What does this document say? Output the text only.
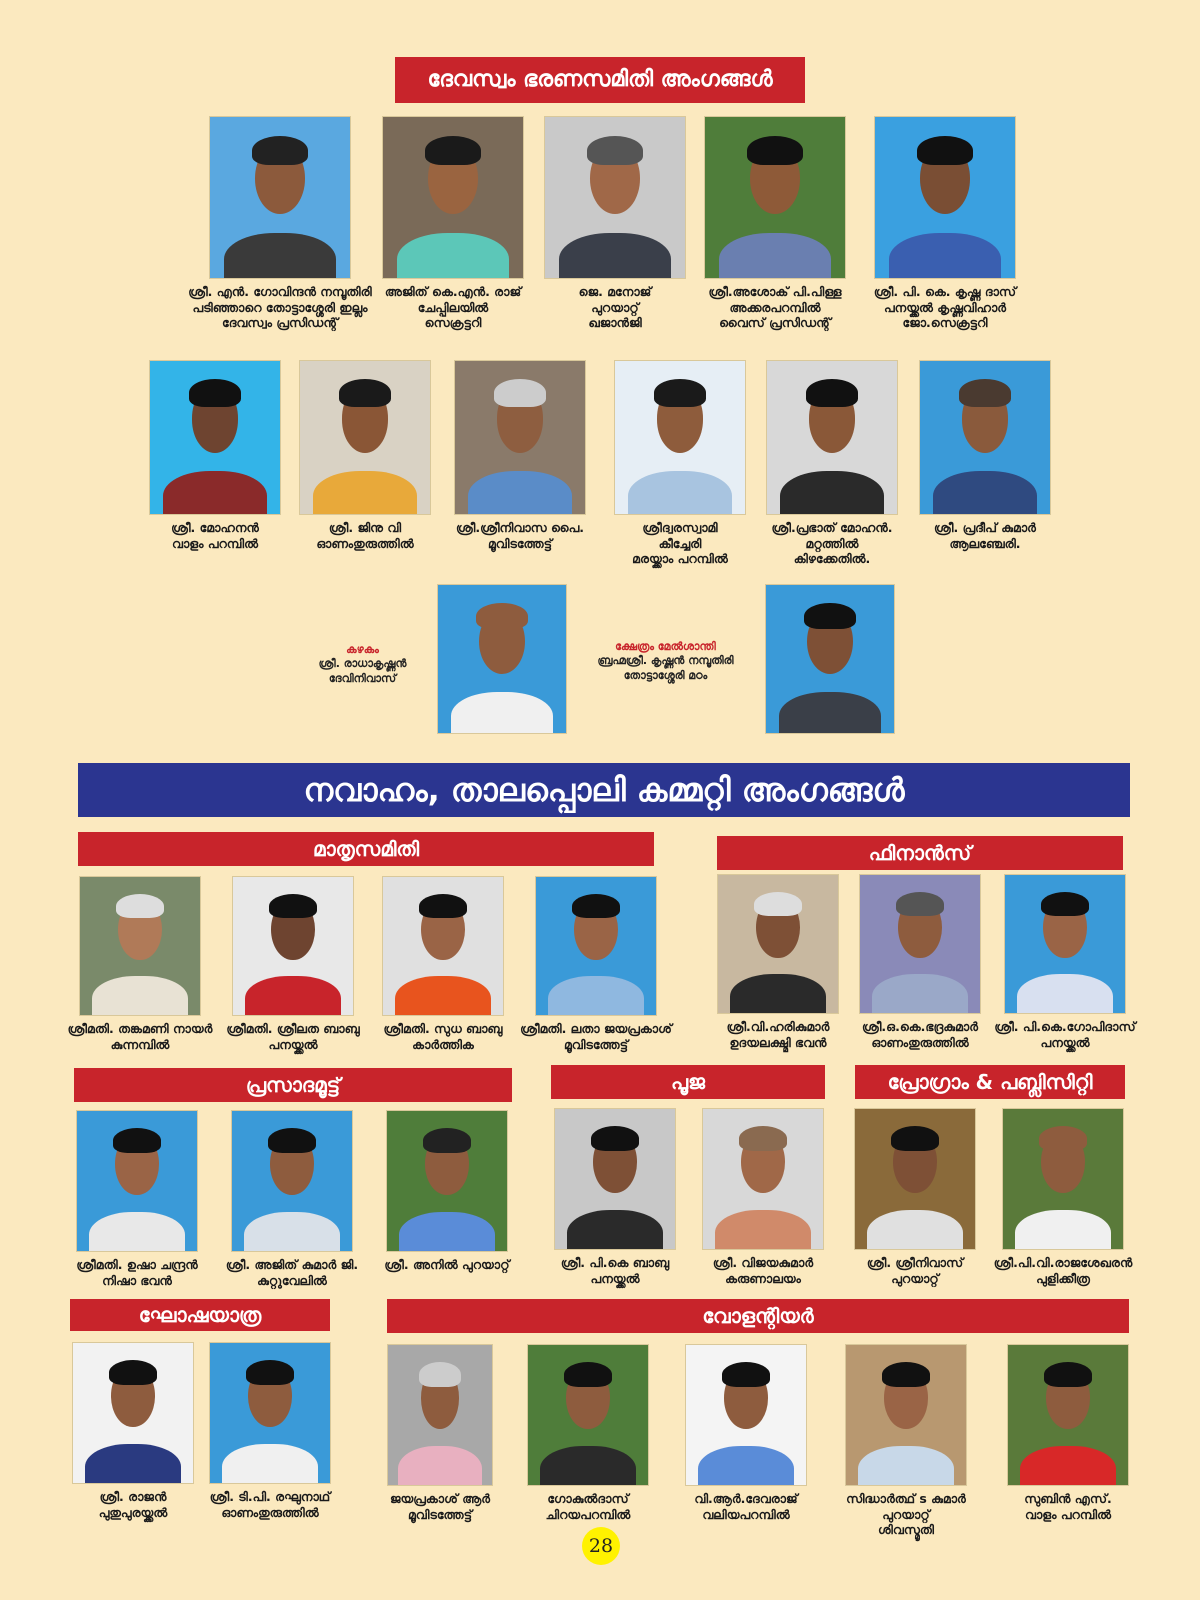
ദേവസ്വം ഭരണസമിതി അംഗങ്ങൾ
ശ്രീ. എൻ. ഗോവിന്ദൻ നമ്പൂതിരി
പടിഞ്ഞാറെ തോട്ടാശ്ശേരി ഇല്ലം
ദേവസ്വം പ്രസിഡന്റ്
അജിത് കെ.എൻ. രാജ്
ചേപ്പിലയിൽ
സെക്രട്ടറി
ജെ. മനോജ്
പുറയാറ്റ്
ഖജാൻജി
ശ്രീ.അശോക് പി.പിള്ള
അക്കരപറമ്പിൽ
വൈസ് പ്രസിഡന്റ്
ശ്രീ. പി. കെ. കൃഷ്ണ ദാസ്
പനയ്ക്കൽ കൃഷ്ണവിഹാർ
ജോ.സെക്രട്ടറി
ശ്രീ. മോഹനൻ
വാളം പറമ്പിൽ
ശ്രീ. ജിനു വി
ഓണംതുരുത്തിൽ
ശ്രീ.ശ്രീനിവാസ പൈ.
മൂവിടത്തേട്ട്
ശ്രീദ്വരസ്വാമി
കീച്ചേരി
മരയ്ക്കാം പറമ്പിൽ
ശ്രീ.പ്രഭാത് മോഹൻ.
മറ്റത്തിൽ
കിഴക്കേതിൽ.
ശ്രീ. പ്രദീപ് കുമാർ
ആലഞ്ചേരി.
കഴകം
ശ്രീ. രാധാകൃഷ്ണൻ
ദേവിനിവാസ്
ക്ഷേത്രം മേൽശാന്തി
ബ്രഹ്മശ്രീ. കൃഷ്ണൻ നമ്പൂതിരി
തോട്ടാശ്ശേരി മഠം
നവാഹം, താലപ്പൊലി കമ്മറ്റി അംഗങ്ങൾ
മാതൃസമിതി
ശ്രീമതി. തങ്കമണി നായർ
കുന്നമ്പിൽ
ശ്രീമതി. ശ്രീലത ബാബു
പനയ്ക്കൽ
ശ്രീമതി. സുധ ബാബു
കാർത്തിക
ശ്രീമതി. ലതാ ജയപ്രകാശ്
മൂവിടത്തേട്ട്
ഫിനാൻസ്
ശ്രീ.വി.ഹരികുമാർ
ഉദയലക്ഷ്മി ഭവൻ
ശ്രീ.ഒ.കെ.ഭദ്രകുമാർ
ഓണംതുരുത്തിൽ
ശ്രീ. പി.കെ.ഗോപിദാസ്
പനയ്ക്കൽ
പ്രസാദമൂട്ട്
ശ്രീമതി. ഉഷാ ചന്ദ്രൻ
നിഷാ ഭവൻ
ശ്രീ. അജിത് കുമാർ ജി.
കുറ്റുവേലിൽ
ശ്രീ. അനിൽ പുറയാറ്റ്
പൂജ
ശ്രീ. പി.കെ ബാബു
പനയ്ക്കൽ
ശ്രീ. വിജയകുമാർ
കരുണാലയം
പ്രോഗ്രാം & പബ്ലിസിറ്റി
ശ്രീ. ശ്രീനിവാസ്
പുറയാറ്റ്
ശ്രീ.പി.വി.രാജശേഖരൻ
പുളിക്കീത്ര
ഘോഷയാത്ര
ശ്രീ. രാജൻ
പുതുപുരയ്ക്കൽ
ശ്രീ. ടി.പി. രഘുനാഥ്
ഓണംതുരുത്തിൽ
വോളന്റിയർ
ജയപ്രകാശ് ആർ
മൂവിടത്തേട്ട്
ഗോകുൽദാസ്
ചിറയപറമ്പിൽ
വി.ആർ.ദേവരാജ്
വലിയപറമ്പിൽ
സിദ്ധാർത്ഥ് s കുമാർ
പുറയാറ്റ്
ശിവസ്മൃതി
സുബിൻ എസ്.
വാളം പറമ്പിൽ
28
